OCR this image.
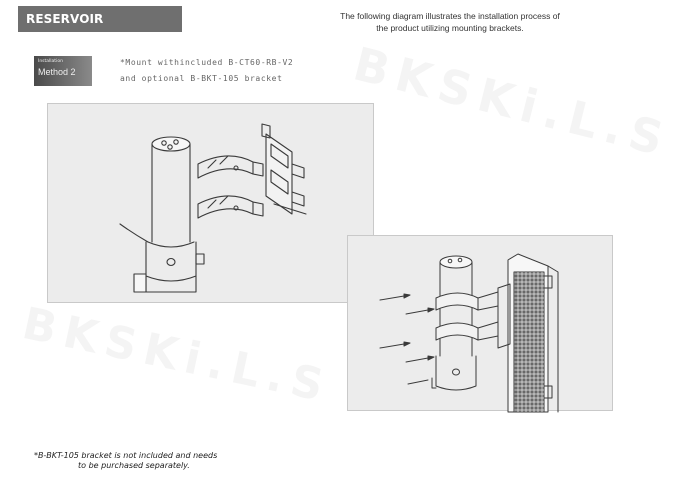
BKSKi.L.S
BKSKi.L.S
RESERVOIR MOUNTING*
The following diagram illustrates the installation process of
the product utilizing mounting brackets.
Installation
Method 2
*Mount withincluded B-CT60-RB-V2
and optional B-BKT-105 bracket
*B-BKT-105 bracket is not included and needs
to be purchased separately.
